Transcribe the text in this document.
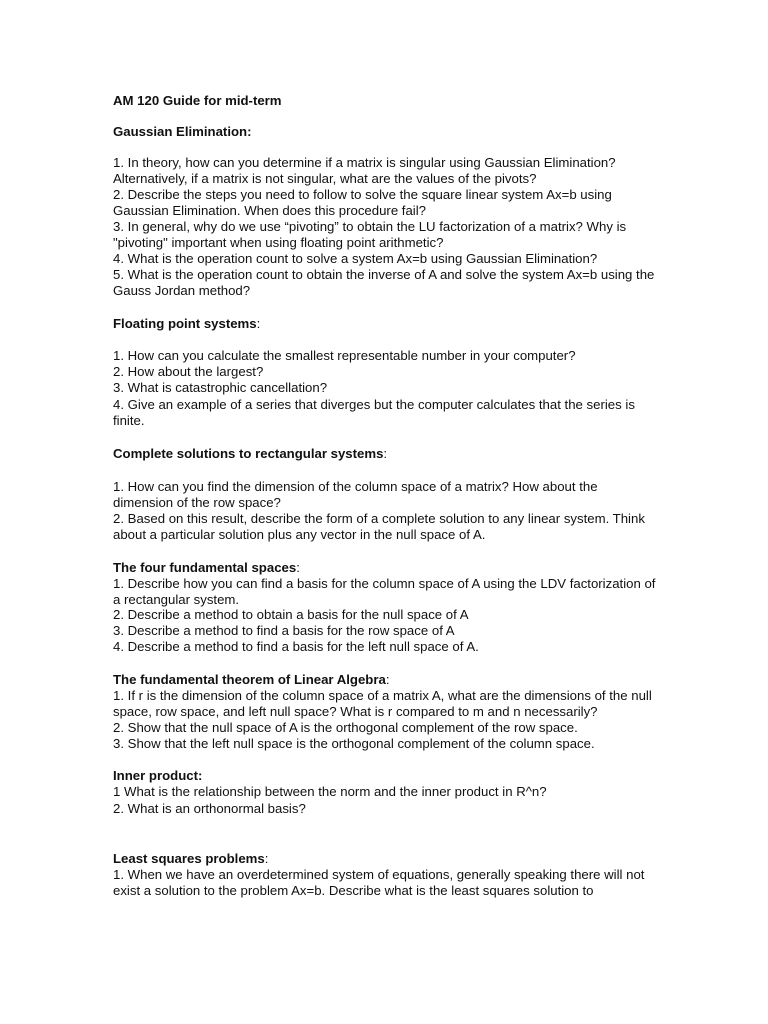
AM 120 Guide for mid-term
Gaussian Elimination:
1. In theory, how can you determine if a matrix is singular using Gaussian Elimination? Alternatively, if a matrix is not singular, what are the values of the pivots?
2. Describe the steps you need to follow to solve the square linear system Ax=b using Gaussian Elimination. When does this procedure fail?
3. In general, why do we use “pivoting” to obtain the LU factorization of a matrix? Why is "pivoting" important when using floating point arithmetic?
4. What is the operation count to solve a system Ax=b using Gaussian Elimination?
5. What is the operation count to obtain the inverse of A and solve the system Ax=b using the Gauss Jordan method?
Floating point systems:
1. How can you calculate the smallest representable number in your computer?
2. How about the largest?
3. What is catastrophic cancellation?
4. Give an example of a series that diverges but the computer calculates that the series is finite.
Complete solutions to rectangular systems:
1. How can you find the dimension of the column space of a matrix? How about the dimension of the row space?
2. Based on this result, describe the form of a complete solution to any linear system. Think about a particular solution plus any vector in the null space of A.
The four fundamental spaces:
1. Describe how you can find a basis for the column space of A using the LDV factorization of a rectangular system.
2. Describe a method to obtain a basis for the null space of A
3. Describe a method to find a basis for the row space of A
4. Describe a method to find a basis for the left null space of A.
The fundamental theorem of Linear Algebra:
1. If r is the dimension of the column space of a matrix A, what are the dimensions of the null space, row space, and left null space? What is r compared to m and n necessarily?
2. Show that the null space of A is the orthogonal complement of the row space.
3. Show that the left null space is the orthogonal complement of the column space.
Inner product:
1 What is the relationship between the norm and the inner product in R^n?
2. What is an orthonormal basis?
Least squares problems:
1. When we have an overdetermined system of equations, generally speaking there will not exist a solution to the problem Ax=b. Describe what is the least squares solution to
